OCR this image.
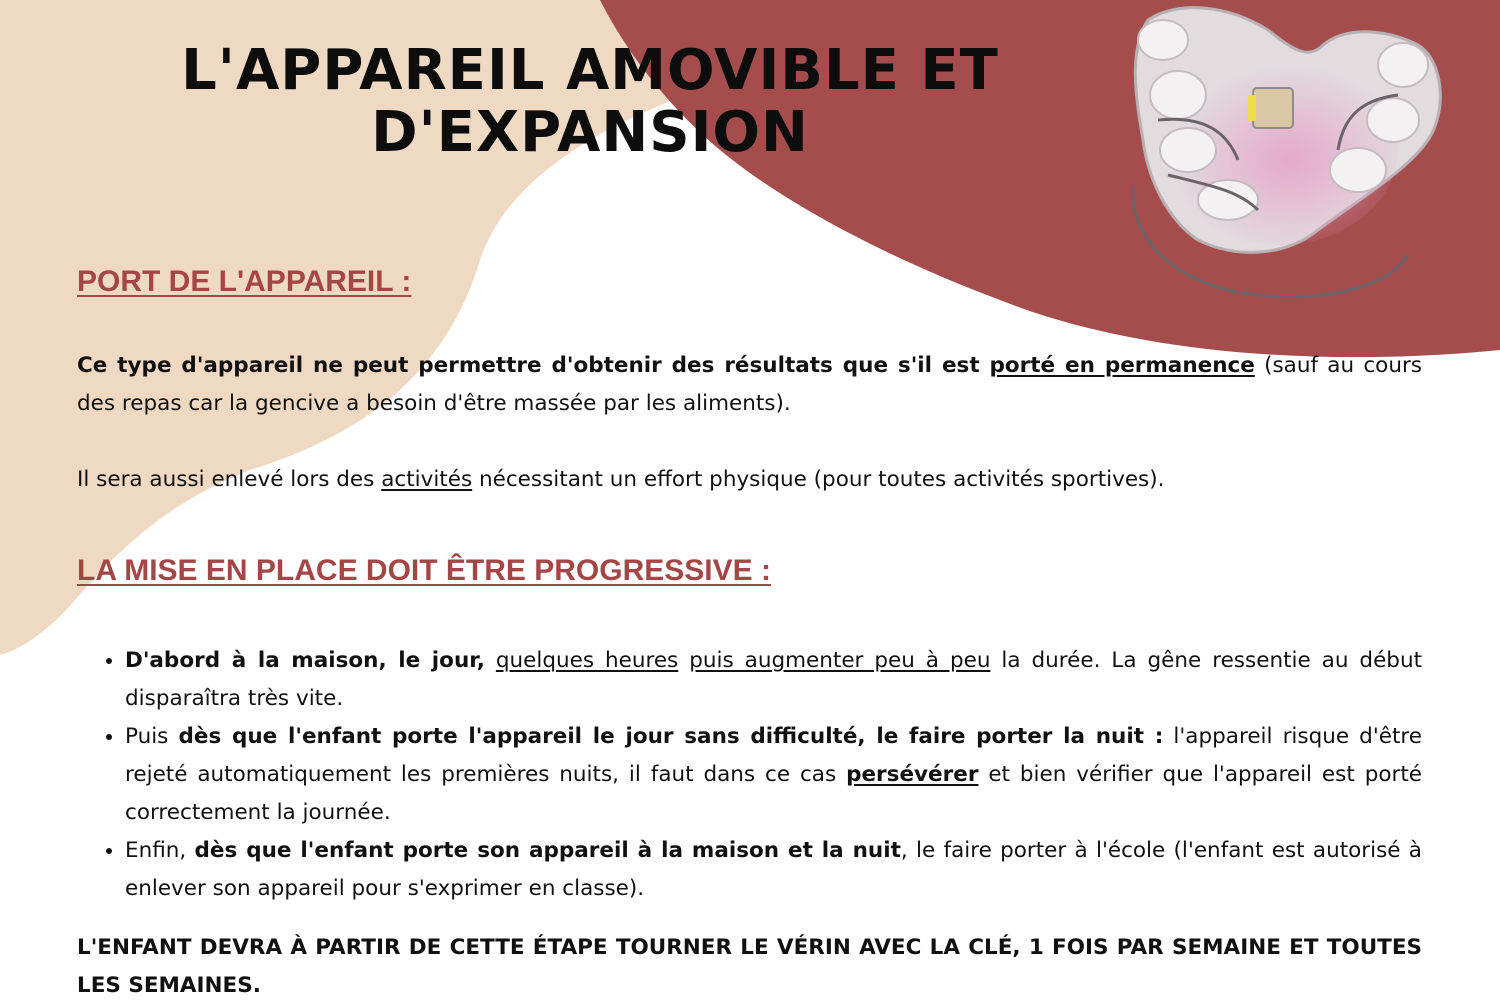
L'APPAREIL AMOVIBLE ET
D'EXPANSION
PORT DE L'APPAREIL :

Ce type d'appareil ne peut permettre d'obtenir des résultats que s'il est porté en permanence (sauf au cours des repas car la gencive a besoin d'être massée par les aliments).

Il sera aussi enlevé lors des activités nécessitant un effort physique (pour toutes activités sportives).

LA MISE EN PLACE DOIT ÊTRE PROGRESSIVE :
• D'abord à la maison, le jour, quelques heures puis augmenter peu à peu la durée. La gêne ressentie au début disparaîtra très vite.
• Puis dès que l'enfant porte l'appareil le jour sans difficulté, le faire porter la nuit : l'appareil risque d'être rejeté automatiquement les premières nuits, il faut dans ce cas persévérer et bien vérifier que l'appareil est porté correctement la journée.
• Enfin, dès que l'enfant porte son appareil à la maison et la nuit, le faire porter à l'école (l'enfant est autorisé à enlever son appareil pour s'exprimer en classe).

L'ENFANT DEVRA À PARTIR DE CETTE ÉTAPE TOURNER LE VÉRIN AVEC LA CLÉ, 1 FOIS PAR SEMAINE ET TOUTES LES SEMAINES.
